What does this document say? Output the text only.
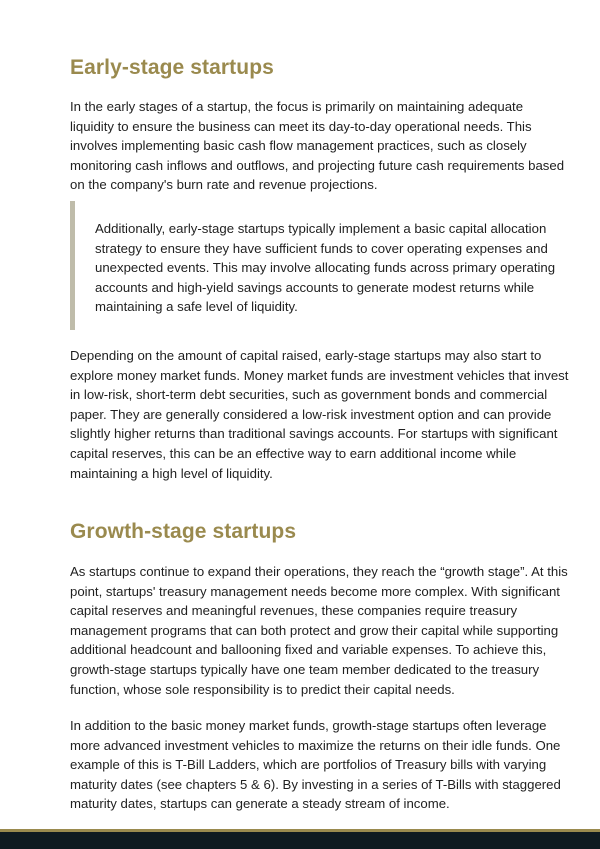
Early-stage startups

In the early stages of a startup, the focus is primarily on maintaining adequate liquidity to ensure the business can meet its day-to-day operational needs. This involves implementing basic cash flow management practices, such as closely monitoring cash inflows and outflows, and projecting future cash requirements based on the company's burn rate and revenue projections.

Additionally, early-stage startups typically implement a basic capital allocation strategy to ensure they have sufficient funds to cover operating expenses and unexpected events. This may involve allocating funds across primary operating accounts and high-yield savings accounts to generate modest returns while maintaining a safe level of liquidity.

Depending on the amount of capital raised, early-stage startups may also start to explore money market funds. Money market funds are investment vehicles that invest in low-risk, short-term debt securities, such as government bonds and commercial paper. They are generally considered a low-risk investment option and can provide slightly higher returns than traditional savings accounts. For startups with significant capital reserves, this can be an effective way to earn additional income while maintaining a high level of liquidity.

Growth-stage startups

As startups continue to expand their operations, they reach the “growth stage”. At this point, startups' treasury management needs become more complex. With significant capital reserves and meaningful revenues, these companies require treasury management programs that can both protect and grow their capital while supporting additional headcount and ballooning fixed and variable expenses. To achieve this, growth-stage startups typically have one team member dedicated to the treasury function, whose sole responsibility is to predict their capital needs.

In addition to the basic money market funds, growth-stage startups often leverage more advanced investment vehicles to maximize the returns on their idle funds. One example of this is T-Bill Ladders, which are portfolios of Treasury bills with varying maturity dates (see chapters 5 & 6). By investing in a series of T-Bills with staggered maturity dates, startups can generate a steady stream of income.
